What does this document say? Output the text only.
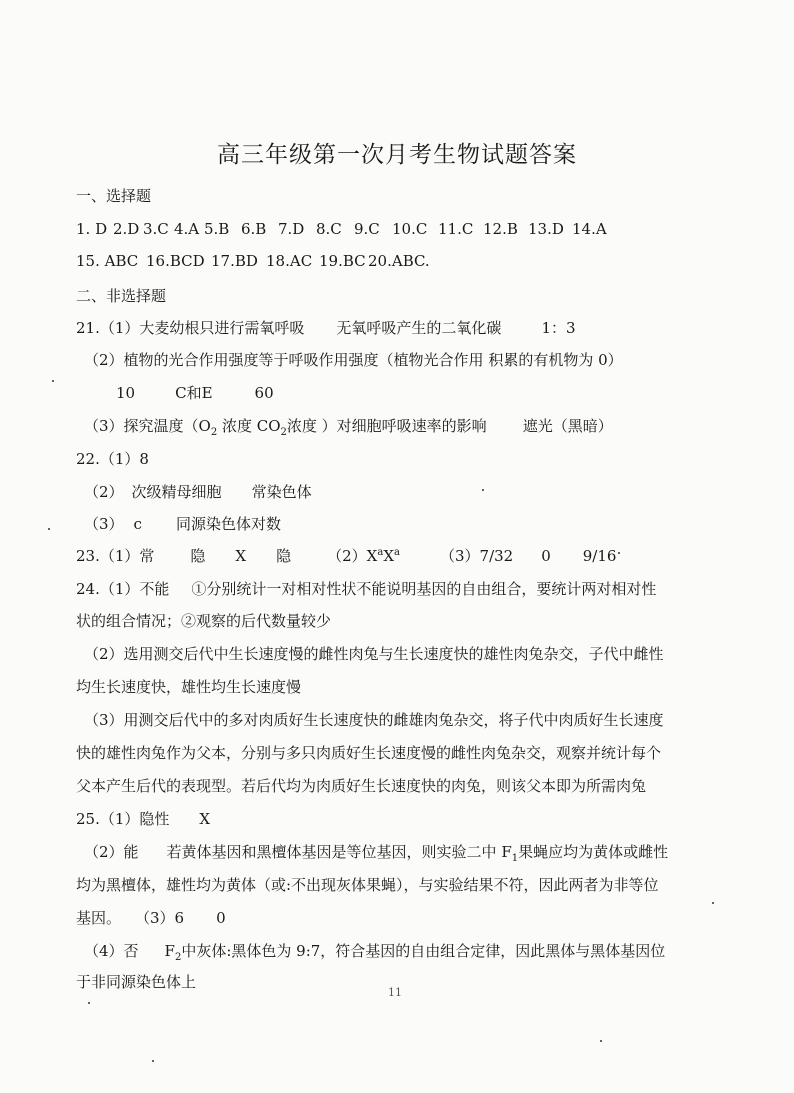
高三年级第一次月考生物试题答案
一、选择题
1. D 2.D 3.C 4.A 5.B 6.B 7.D 8.C 9.C 10.C 11.C 12.B 13.D 14.A
15. ABC 16.BCD 17.BD 18.AC 19.BC 20.ABC.
二、非选择题
21.（1）大麦幼根只进行需氧呼吸 无氧呼吸产生的二氧化碳	1：3
（2）植物的光合作用强度等于呼吸作用强度（植物光合作用 积累的有机物为 0）
10	C和E	60
（3）探究温度（$O_2$ 浓度 $CO_2$浓度 ）对细胞呼吸速率的影响 遮光（黑暗）
22.（1）8
（2） 次级精母细胞 常染色体
（3） c 同源染色体对数
23.（1）常 隐 X 隐 $(2)X^aX^a$	（3）7/32 0 9/16
24.（1）不能 ①分别统计一对相对性状不能说明基因的自由组合，要统计两对相对性
状的组合情况；②观察的后代数量较少
（2）选用测交后代中生长速度慢的雌性肉兔与生长速度快的雄性肉兔杂交，子代中雌性
均生长速度快，雄性均生长速度慢
（3）用测交后代中的多对肉质好生长速度快的雌雄肉兔杂交，将子代中肉质好生长速度
快的雄性肉兔作为父本，分别与多只肉质好生长速度慢的雌性肉兔杂交，观察并统计每个
父本产生后代的表现型。若后代均为肉质好生长速度快的肉兔，则该父本即为所需肉兔
25.（1）隐性 X
（2）能 若黄体基因和黑檀体基因是等位基因，则实验二中 $F_1$果蝇应均为黄体或雌性
均为黑檀体，雄性均为黄体（或:不出现灰体果蝇），与实验结果不符，因此两者为非等位
基因。 （3）6 0
（4）否 $F_2$中灰体:黑体色为 9:7，符合基因的自由组合定律，因此黑体与黑体基因位
于非同源染色体上
11
